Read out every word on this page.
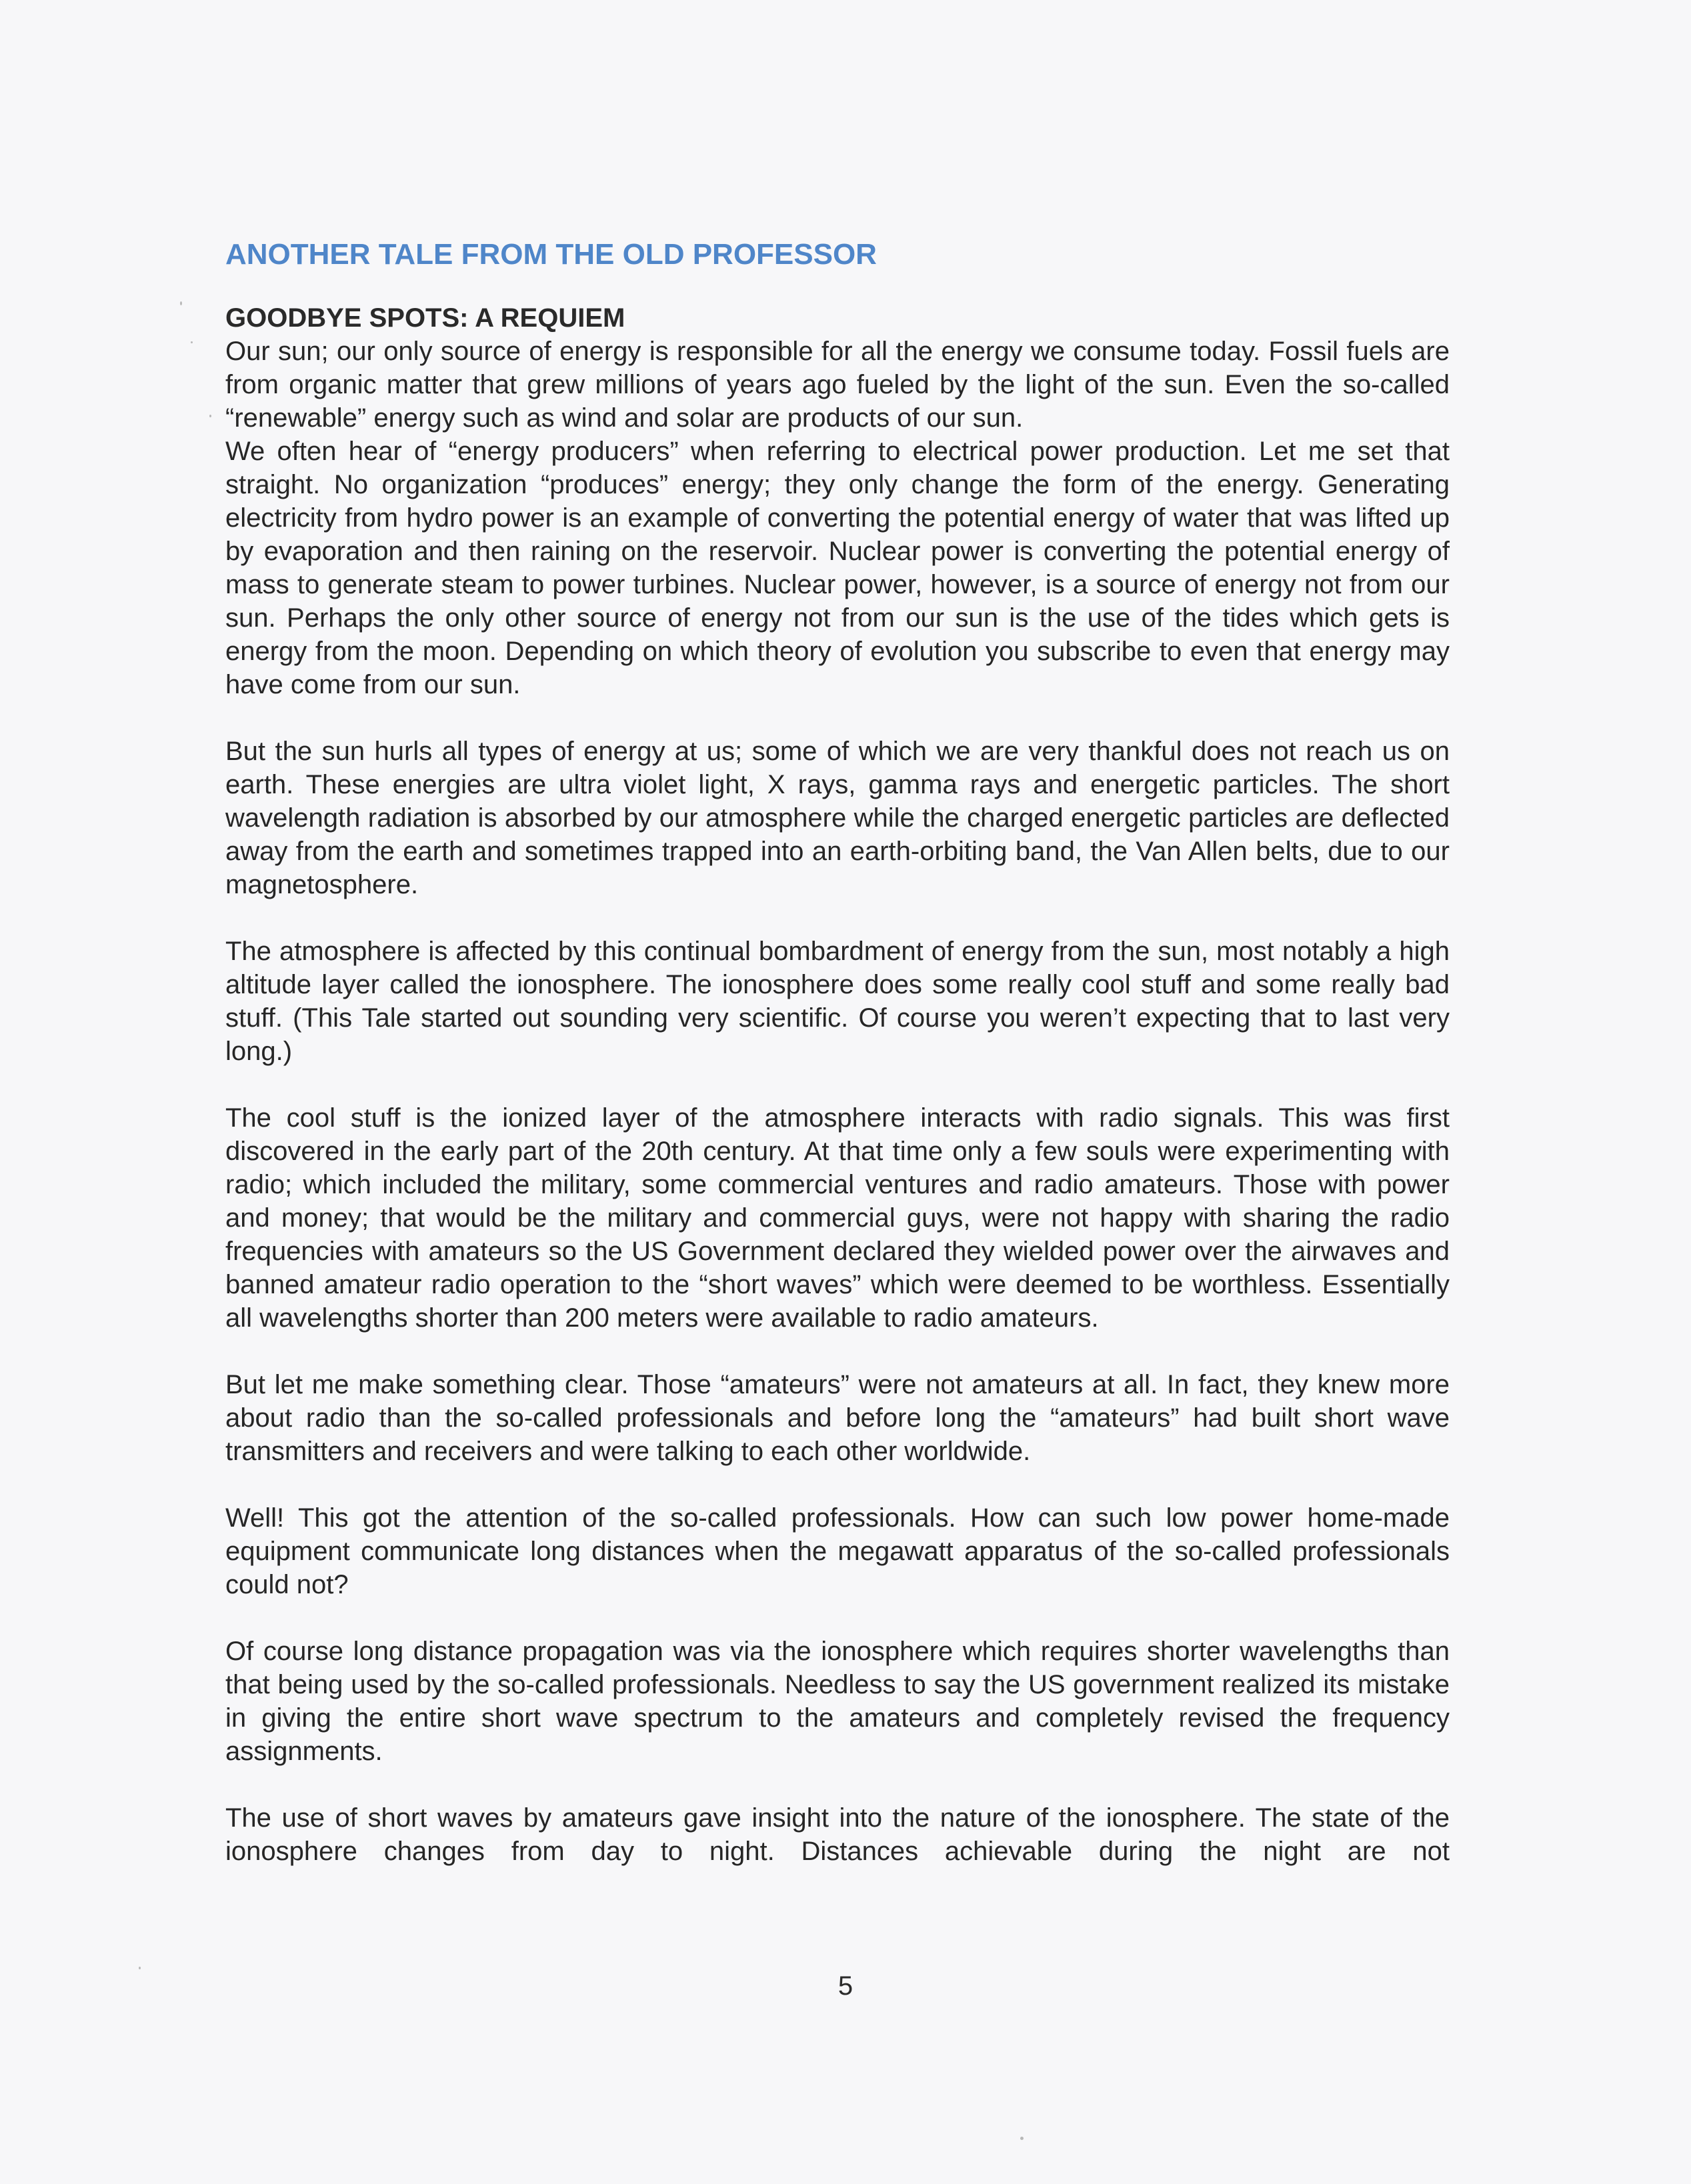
ANOTHER TALE FROM THE OLD PROFESSOR
GOODBYE SPOTS: A REQUIEM

Our sun; our only source of energy is responsible for all the energy we consume today. Fossil fuels are from organic matter that grew millions of years ago fueled by the light of the sun. Even the so-called “renewable” energy such as wind and solar are products of our sun.

We often hear of “energy producers” when referring to electrical power production. Let me set that straight. No organization “produces” energy; they only change the form of the energy. Generating electricity from hydro power is an example of converting the potential energy of water that was lifted up by evaporation and then raining on the reservoir. Nuclear power is converting the potential energy of mass to generate steam to power turbines. Nuclear power, however, is a source of energy not from our sun. Perhaps the only other source of energy not from our sun is the use of the tides which gets is energy from the moon. Depending on which theory of evolution you subscribe to even that energy may have come from our sun.

But the sun hurls all types of energy at us; some of which we are very thankful does not reach us on earth. These energies are ultra violet light, X rays, gamma rays and energetic particles. The short wavelength radiation is absorbed by our atmosphere while the charged energetic particles are deflected away from the earth and sometimes trapped into an earth-orbiting band, the Van Allen belts, due to our magnetosphere.

The atmosphere is affected by this continual bombardment of energy from the sun, most notably a high altitude layer called the ionosphere. The ionosphere does some really cool stuff and some really bad stuff. (This Tale started out sounding very scientific. Of course you weren’t expecting that to last very long.)

The cool stuff is the ionized layer of the atmosphere interacts with radio signals. This was first discovered in the early part of the 20th century. At that time only a few souls were experimenting with radio; which included the military, some commercial ventures and radio amateurs. Those with power and money; that would be the military and commercial guys, were not happy with sharing the radio frequencies with amateurs so the US Government declared they wielded power over the airwaves and banned amateur radio operation to the “short waves” which were deemed to be worthless. Essentially all wavelengths shorter than 200 meters were available to radio amateurs.

But let me make something clear. Those “amateurs” were not amateurs at all. In fact, they knew more about radio than the so-called professionals and before long the “amateurs” had built short wave transmitters and receivers and were talking to each other worldwide.

Well! This got the attention of the so-called professionals. How can such low power home-made equipment communicate long distances when the megawatt apparatus of the so-called professionals could not?

Of course long distance propagation was via the ionosphere which requires shorter wavelengths than that being used by the so-called professionals. Needless to say the US government realized its mistake in giving the entire short wave spectrum to the amateurs and completely revised the frequency assignments.

The use of short waves by amateurs gave insight into the nature of the ionosphere. The state of the ionosphere changes from day to night. Distances achievable during the night are not

5
